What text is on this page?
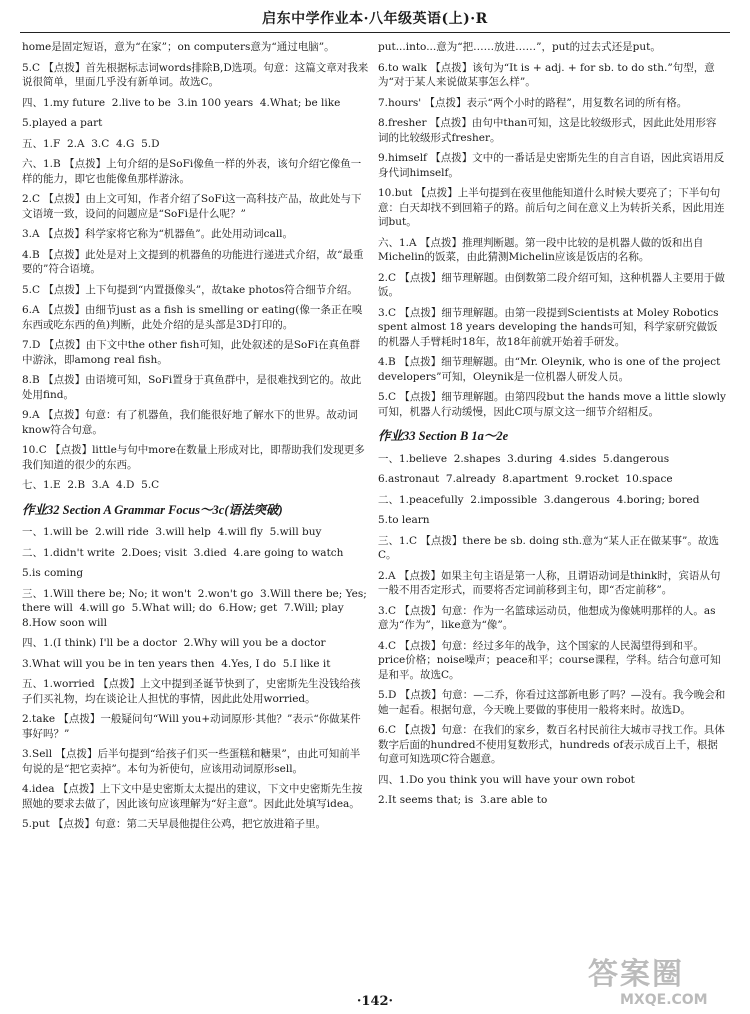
启东中学作业本·八年级英语(上)·R
home是固定短语，意为“在家”；on computers意为“通过电脑”。
5.C 【点拨】首先根据标志词words排除B,D选项。句意：这篇文章对我来说很简单，里面几乎没有新单词。故选C。
四、1.my future  2.live to be  3.in 100 years  4.What; be like
5.played a part
五、1.F  2.A  3.C  4.G  5.D
六、1.B 【点拨】上句介绍的是SoFi像鱼一样的外表，该句介绍它像鱼一样的能力，即它也能像鱼那样游泳。
2.C 【点拨】由上文可知，作者介绍了SoFi这一高科技产品，故此处与下文语境一致，设问的问题应是“SoFi是什么呢？”
3.A 【点拨】科学家将它称为“机器鱼”。此处用动词call。
4.B 【点拨】此处是对上文提到的机器鱼的功能进行递进式介绍，故“最重要的”符合语境。
5.C 【点拨】上下句提到“内置摄像头”，故take photos符合细节介绍。
6.A 【点拨】由细节just as a fish is smelling or eating(像一条正在嗅东西或吃东西的鱼)判断，此处介绍的是头部是3D打印的。
7.D 【点拨】由下文中the other fish可知，此处叙述的是SoFi在真鱼群中游泳，即among real fish。
8.B 【点拨】由语境可知，SoFi置身于真鱼群中，是很难找到它的。故此处用find。
9.A 【点拨】句意：有了机器鱼，我们能很好地了解水下的世界。故动词know符合句意。
10.C 【点拨】little与句中more在数量上形成对比，即帮助我们发现更多我们知道的很少的东西。
七、1.E  2.B  3.A  4.D  5.C
作业32 Section A Grammar Focus～3c(语法突破)
一、1.will be  2.will ride  3.will help  4.will fly  5.will buy
二、1.didn't write  2.Does; visit  3.died  4.are going to watch
5.is coming
三、1.Will there be; No; it won't  2.won't go  3.Will there be; Yes; there will  4.will go  5.What will; do  6.How; get  7.Will; play  8.How soon will
四、1.(I think) I'll be a doctor  2.Why will you be a doctor
3.What will you be in ten years then  4.Yes, I do  5.I like it
五、1.worried 【点拨】上文中提到圣诞节快到了，史密斯先生没钱给孩子们买礼物，均在谈论让人担忧的事情，因此此处用worried。
2.take 【点拨】一般疑问句“Will you+动词原形·其他？”表示“你做某件事好吗？”
3.Sell 【点拨】后半句提到“给孩子们买一些蛋糕和糖果”，由此可知前半句说的是“把它卖掉”。本句为祈使句，应该用动词原形sell。
4.idea 【点拨】上下文中是史密斯太太提出的建议，下文中史密斯先生按照她的要求去做了，因此该句应该理解为“好主意”。因此此处填写idea。
5.put 【点拨】句意：第二天早晨他提住公鸡，把它放进箱子里。
put...into...意为“把……放进……”，put的过去式还是put。
6.to walk 【点拨】该句为“It is + adj. + for sb. to do sth.”句型，意为“对于某人来说做某事怎么样”。
7.hours' 【点拨】表示“两个小时的路程”，用复数名词的所有格。
8.fresher 【点拨】由句中than可知，这是比较级形式，因此此处用形容词的比较级形式fresher。
9.himself 【点拨】文中的一番话是史密斯先生的自言自语，因此宾语用反身代词himself。
10.but 【点拨】上半句提到在夜里他能知道什么时候大要亮了；下半句句意：白天却找不到回箱子的路。前后句之间在意义上为转折关系，因此用连词but。
六、1.A 【点拨】推理判断题。第一段中比较的是机器人做的饭和出自Michelin的饭菜，由此猜测Michelin应该是饭店的名称。
2.C 【点拨】细节理解题。由倒数第二段介绍可知，这种机器人主要用于做饭。
3.C 【点拨】细节理解题。由第一段提到Scientists at Moley Robotics spent almost 18 years developing the hands可知，科学家研究做饭的机器人手臂耗时18年，故18年前就开始着手研发。
4.B 【点拨】细节理解题。由“Mr. Oleynik, who is one of the project developers”可知，Oleynik是一位机器人研发人员。
5.C 【点拨】细节理解题。由第四段but the hands move a little slowly可知，机器人行动缓慢，因此C项与原文这一细节介绍相反。
作业33 Section B 1a～2e
一、1.believe  2.shapes  3.during  4.sides  5.dangerous
6.astronaut  7.already  8.apartment  9.rocket  10.space
二、1.peacefully  2.impossible  3.dangerous  4.boring; bored
5.to learn
三、1.C 【点拨】there be sb. doing sth.意为“某人正在做某事”。故选C。
2.A 【点拨】如果主句主语是第一人称，且谓语动词是think时，宾语从句一般不用否定形式，而要将否定词前移到主句，即“否定前移”。
3.C 【点拨】句意：作为一名篮球运动员，他想成为像姚明那样的人。as意为“作为”，like意为“像”。
4.C 【点拨】句意：经过多年的战争，这个国家的人民渴望得到和平。price价格；noise噪声；peace和平；course课程，学科。结合句意可知是和平。故选C。
5.D 【点拨】句意：—二乔，你看过这部新电影了吗？—没有。我今晚会和她一起看。根据句意，今天晚上要做的事使用一般将来时。故选D。
6.C 【点拨】句意：在我们的家乡，数百名村民前往大城市寻找工作。具体数字后面的hundred不使用复数形式，hundreds of表示成百上千，根据句意可知选项C符合题意。
四、1.Do you think you will have your own robot
2.It seems that; is  3.are able to
·142·
答案圈
MXQE.COM
